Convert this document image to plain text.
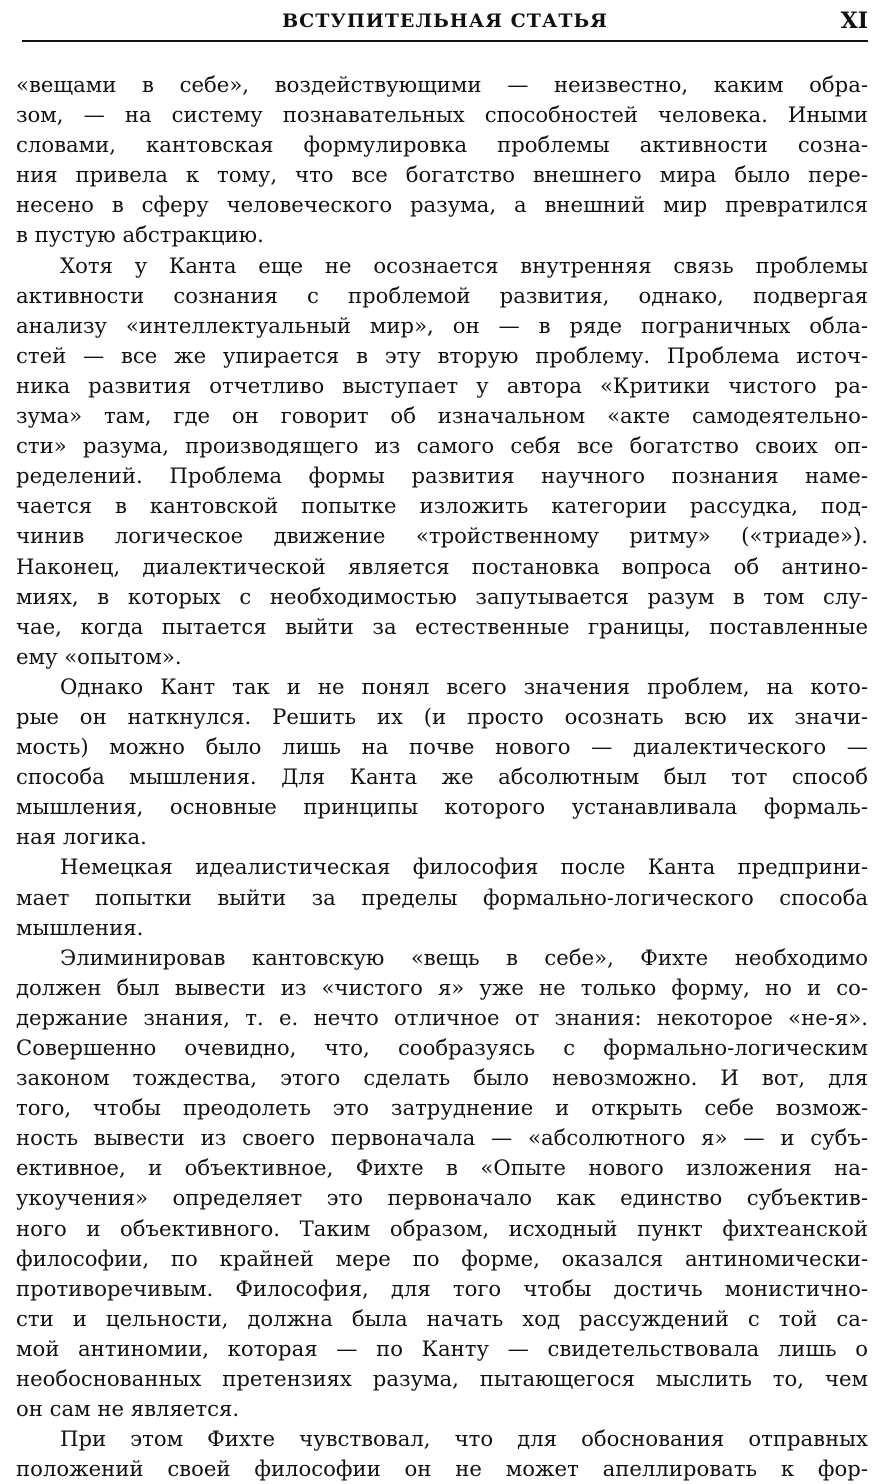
ВСТУПИТЕЛЬНАЯ СТАТЬЯ	XI
«вещами в себе», воздействующими — неизвестно, каким обра-
зом, — на систему познавательных способностей человека. Иными
словами, кантовская формулировка проблемы активности созна-
ния привела к тому, что все богатство внешнего мира было пере-
несено в сферу человеческого разума, а внешний мир превратился
в пустую абстракцию.
Хотя у Канта еще не осознается внутренняя связь проблемы
активности сознания с проблемой развития, однако, подвергая
анализу «интеллектуальный мир», он — в ряде пограничных обла-
стей — все же упирается в эту вторую проблему. Проблема источ-
ника развития отчетливо выступает у автора «Критики чистого ра-
зума» там, где он говорит об изначальном «акте самодеятельно-
сти» разума, производящего из самого себя все богатство своих оп-
ределений. Проблема формы развития научного познания наме-
чается в кантовской попытке изложить категории рассудка, под-
чинив логическое движение «тройственному ритму» («триаде»).
Наконец, диалектической является постановка вопроса об антино-
миях, в которых с необходимостью запутывается разум в том слу-
чае, когда пытается выйти за естественные границы, поставленные
ему «опытом».
Однако Кант так и не понял всего значения проблем, на кото-
рые он наткнулся. Решить их (и просто осознать всю их значи-
мость) можно было лишь на почве нового — диалектического —
способа мышления. Для Канта же абсолютным был тот способ
мышления, основные принципы которого устанавливала формаль-
ная логика.
Немецкая идеалистическая философия после Канта предприни-
мает попытки выйти за пределы формально-логического способа
мышления.
Элиминировав кантовскую «вещь в себе», Фихте необходимо
должен был вывести из «чистого я» уже не только форму, но и со-
держание знания, т. е. нечто отличное от знания: некоторое «не-я».
Совершенно очевидно, что, сообразуясь с формально-логическим
законом тождества, этого сделать было невозможно. И вот, для
того, чтобы преодолеть это затруднение и открыть себе возмож-
ность вывести из своего первоначала — «абсолютного я» — и субъ-
ективное, и объективное, Фихте в «Опыте нового изложения на-
укоучения» определяет это первоначало как единство субъектив-
ного и объективного. Таким образом, исходный пункт фихтеанской
философии, по крайней мере по форме, оказался антиномически-
противоречивым. Философия, для того чтобы достичь монистично-
сти и цельности, должна была начать ход рассуждений с той са-
мой антиномии, которая — по Канту — свидетельствовала лишь о
необоснованных претензиях разума, пытающегося мыслить то, чем
он сам не является.
При этом Фихте чувствовал, что для обоснования отправных
положений своей философии он не может апеллировать к фор-
